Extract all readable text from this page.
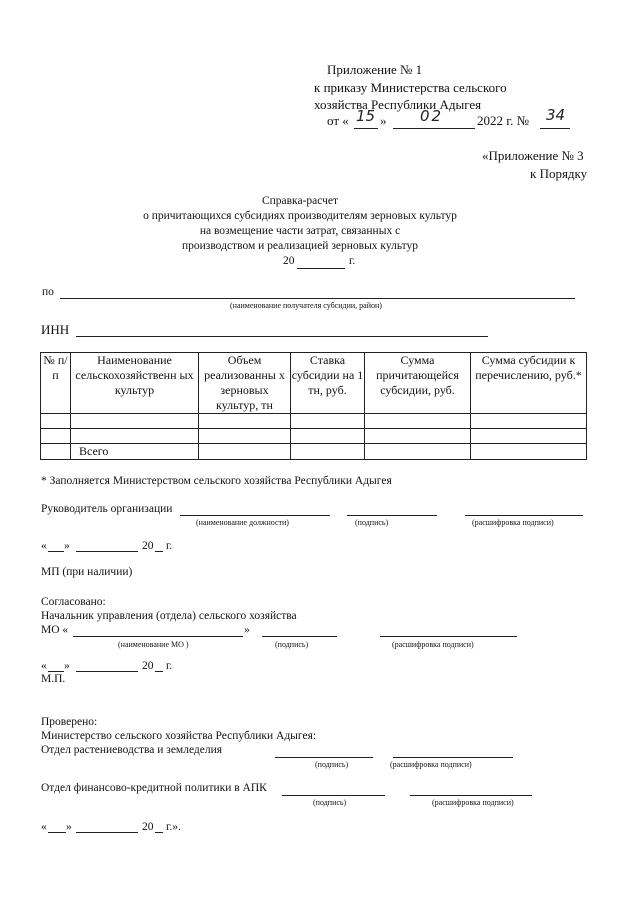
Приложение № 1
к приказу Министерства сельского
хозяйства Республики Адыгея
от « 15 » 02	2022 г. № 34
«Приложение № 3
к Порядку
Справка-расчет
о причитающихся субсидиях производителям зерновых культур
на возмещение части затрат, связанных с
производством и реализацией зерновых культур
20	г.
по
(наименование получателя субсидии, район)
ИНН
№ п/п	Наименование сельскохозяйственн ых культур	Объем реализованны х зерновых культур, тн	Ставка субсидии на 1 тн, руб.	Сумма причитающейся субсидии, руб.	Сумма субсидии к перечислению, руб.*

	Всего				
* Заполняется Министерством сельского хозяйства Республики Адыгея
Руководитель организации
(наименование должности)	(подпись)	(расшифровка подписи)
« »	20 г.
МП (при наличии)
Согласовано:
Начальник управления (отдела) сельского хозяйства
МО «	»
(наименование МО )	(подпись)	(расшифровка подписи)
« »	20 г.
М.П.
Проверено:
Министерство сельского хозяйства Республики Адыгея:
Отдел растениеводства и земледелия
(подпись)	(расшифровка подписи)
Отдел финансово-кредитной политики в АПК
(подпись)	(расшифровка подписи)
« »	20 г.».
